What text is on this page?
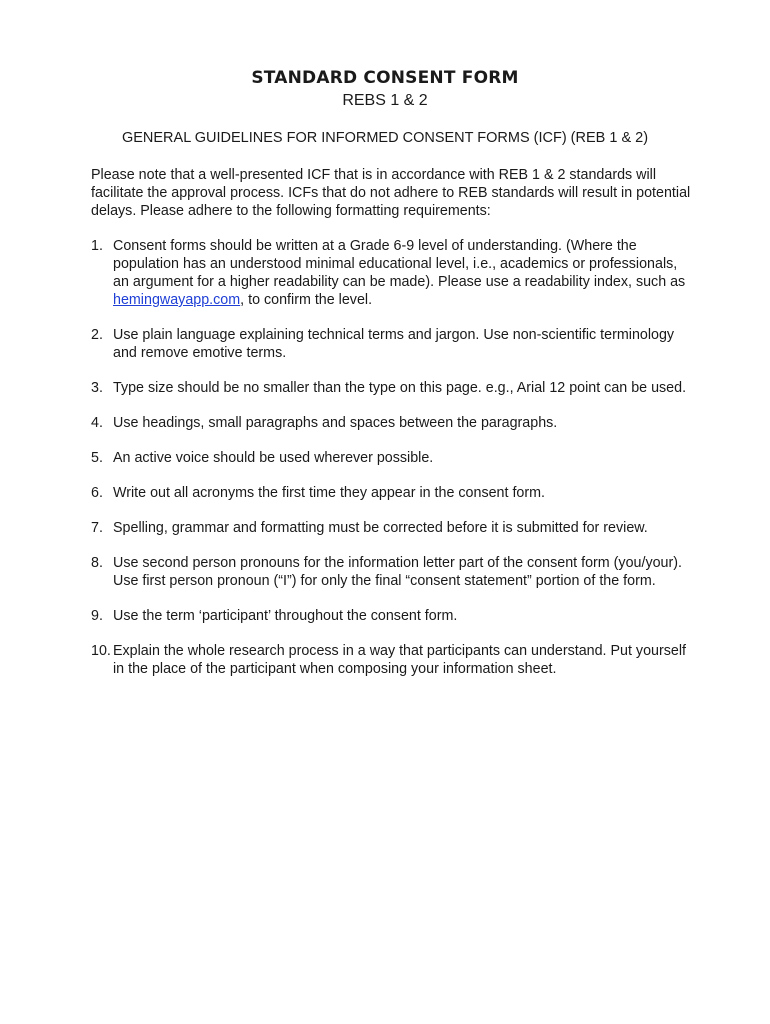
STANDARD CONSENT FORM
REBS 1 & 2
GENERAL GUIDELINES FOR INFORMED CONSENT FORMS (ICF) (REB 1 & 2)

Please note that a well-presented ICF that is in accordance with REB 1 & 2 standards will facilitate the approval process. ICFs that do not adhere to REB standards will result in potential delays. Please adhere to the following formatting requirements:

1. Consent forms should be written at a Grade 6-9 level of understanding. (Where the population has an understood minimal educational level, i.e., academics or professionals, an argument for a higher readability can be made). Please use a readability index, such as hemingwayapp.com, to confirm the level.
2. Use plain language explaining technical terms and jargon. Use non-scientific terminology and remove emotive terms.
3. Type size should be no smaller than the type on this page. e.g., Arial 12 point can be used.
4. Use headings, small paragraphs and spaces between the paragraphs.
5. An active voice should be used wherever possible.
6. Write out all acronyms the first time they appear in the consent form.
7. Spelling, grammar and formatting must be corrected before it is submitted for review.
8. Use second person pronouns for the information letter part of the consent form (you/your). Use first person pronoun (“I”) for only the final “consent statement” portion of the form.
9. Use the term ‘participant’ throughout the consent form.
10. Explain the whole research process in a way that participants can understand. Put yourself in the place of the participant when composing your information sheet.
